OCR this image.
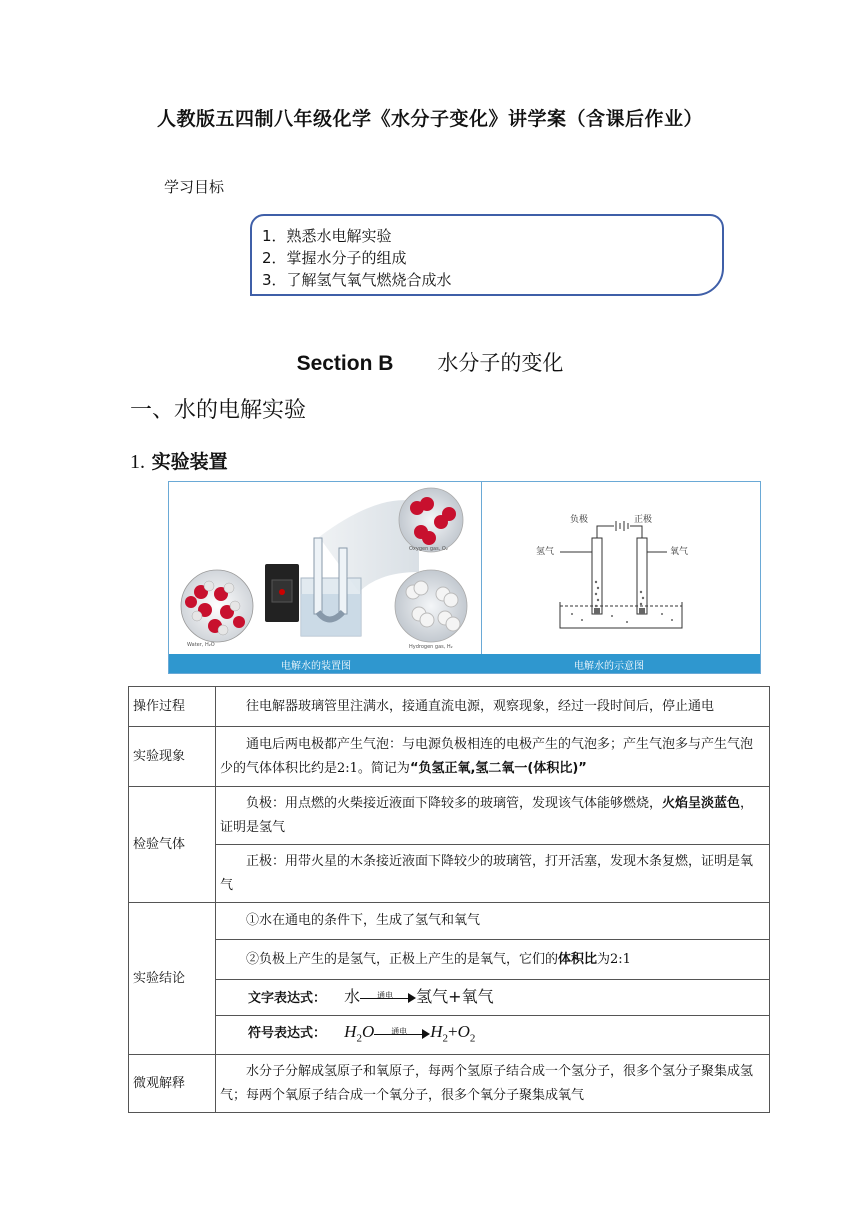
人教版五四制八年级化学《水分子变化》讲学案（含课后作业）
学习目标
1．熟悉水电解实验
2．掌握水分子的组成
3．了解氢气氧气燃烧合成水
Section B 水分子的变化
一、水的电解实验
1. 实验装置
Water, H₂O
Oxygen gas, O₂
Hydrogen gas, H₂
负极	正极
氢气	氧气
电解水的装置图	电解水的示意图
操作过程	往电解器玻璃管里注满水，接通直流电源，观察现象，经过一段时间后，停止通电
实验现象	通电后两电极都产生气泡：与电源负极相连的电极产生的气泡多；产生气泡多与产生气泡少的气体体积比约是2:1。简记为“负氢正氧,氢二氧一(体积比)”
检验气体	负极：用点燃的火柴接近液面下降较多的玻璃管，发现该气体能够燃烧，火焰呈淡蓝色，证明是氢气
	正极：用带火星的木条接近液面下降较少的玻璃管，打开活塞，发现木条复燃，证明是氧气
实验结论	①水在通电的条件下，生成了氢气和氧气
	②负极上产生的是氢气，正极上产生的是氧气，它们的体积比为2:1
	文字表达式： 水 通电 氢气+氧气
	符号表达式： $H_2O$ 通电 $H_2+O_2$
微观解释	水分子分解成氢原子和氧原子，每两个氢原子结合成一个氢分子，很多个氢分子聚集成氢气；每两个氧原子结合成一个氧分子，很多个氧分子聚集成氧气
